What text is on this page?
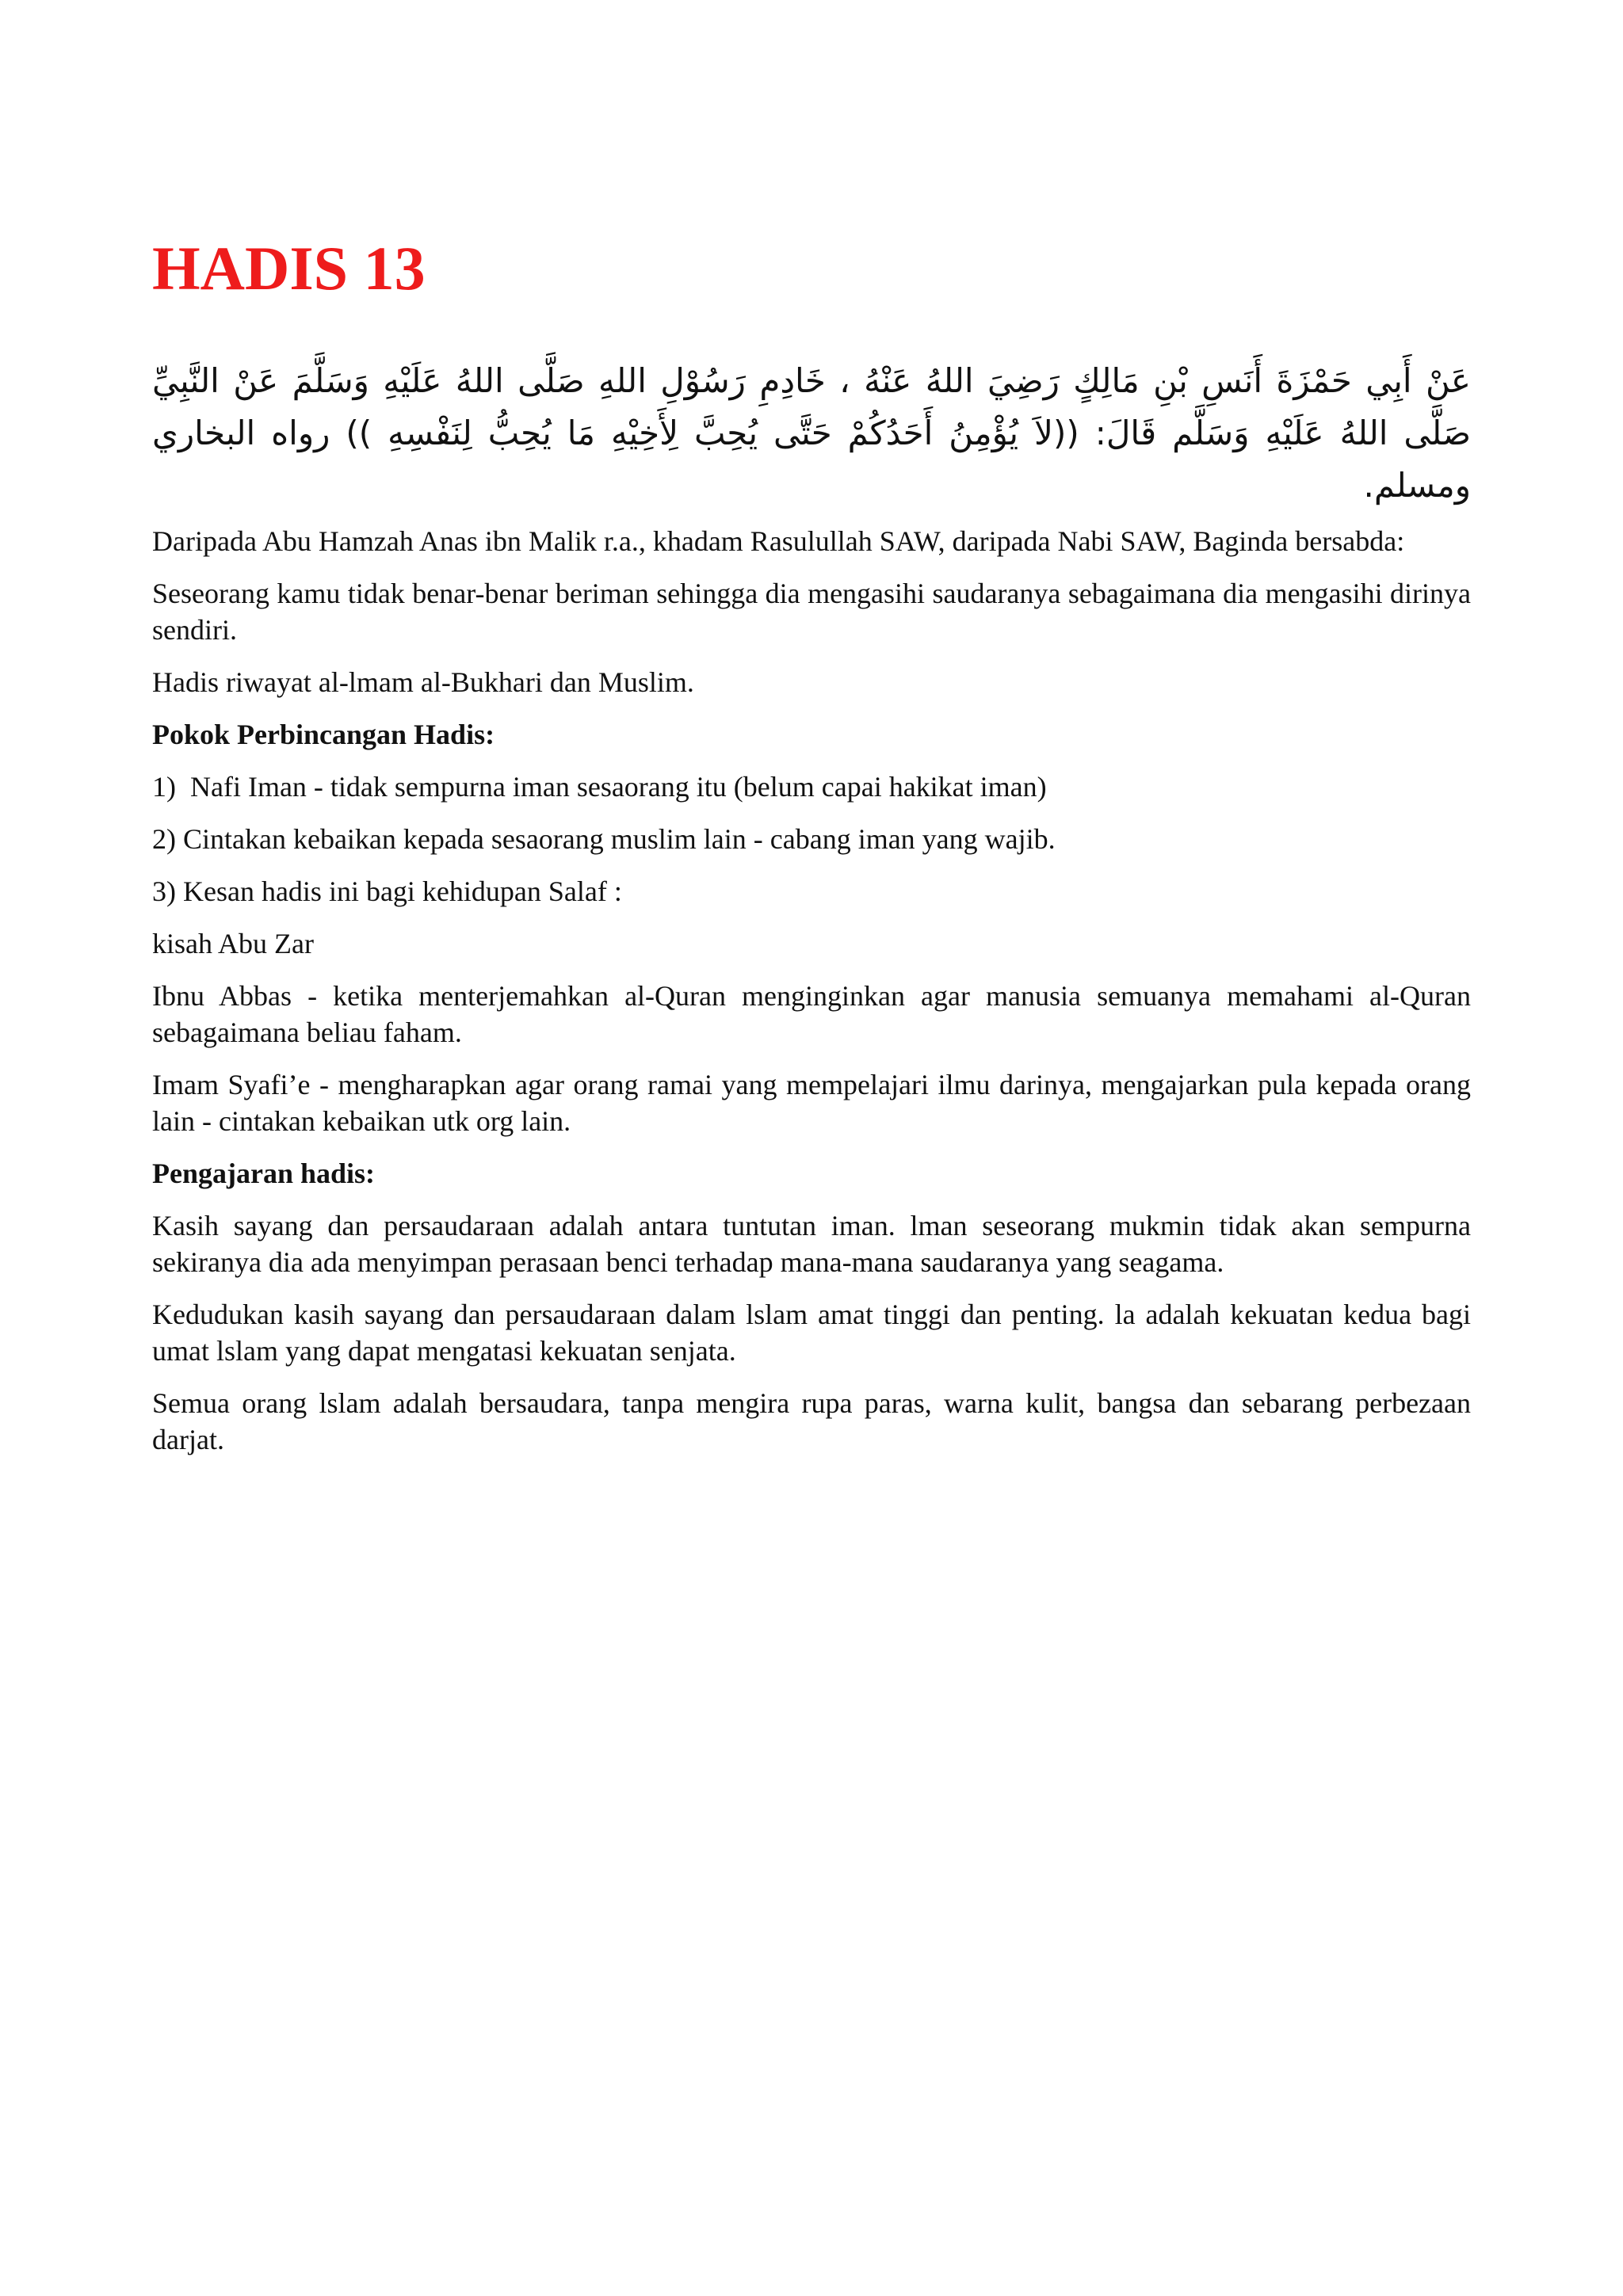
HADIS 13

عَنْ أَبِي حَمْزَةَ أَنَسِ بْنِ مَالِكٍ رَضِيَ اللهُ عَنْهُ ، خَادِمِ رَسُوْلِ اللهِ صَلَّى اللهُ عَلَيْهِ وَسَلَّمَ عَنْ النَّبِيِّ صَلَّى اللهُ عَلَيْهِ وَسَلَّم قَالَ: ((لاَ يُؤْمِنُ أَحَدُكُمْ حَتَّى يُحِبَّ لِأَخِيْهِ مَا يُحِبُّ لِنَفْسِهِ )) رواه البخاري ومسلم.

Daripada Abu Hamzah Anas ibn Malik r.a., khadam Rasulullah SAW, daripada Nabi SAW, Baginda bersabda:

Seseorang kamu tidak benar-benar beriman sehingga dia mengasihi saudaranya sebagaimana dia mengasihi dirinya sendiri.

Hadis riwayat al-lmam al-Bukhari dan Muslim.

Pokok Perbincangan Hadis:

1)  Nafi Iman - tidak sempurna iman sesaorang itu (belum capai hakikat iman)

2) Cintakan kebaikan kepada sesaorang muslim lain - cabang iman yang wajib.

3) Kesan hadis ini bagi kehidupan Salaf :

kisah Abu Zar

Ibnu Abbas - ketika menterjemahkan al-Quran menginginkan agar manusia semuanya memahami al-Quran sebagaimana beliau faham.

Imam Syafi’e - mengharapkan agar orang ramai yang mempelajari ilmu darinya, mengajarkan pula kepada orang lain - cintakan kebaikan utk org lain.

Pengajaran hadis:

Kasih sayang dan persaudaraan adalah antara tuntutan iman. lman seseorang mukmin tidak akan sempurna sekiranya dia ada menyimpan perasaan benci terhadap mana-mana saudaranya yang seagama.

Kedudukan kasih sayang dan persaudaraan dalam lslam amat tinggi dan penting. la adalah kekuatan kedua bagi umat lslam yang dapat mengatasi kekuatan senjata.

Semua orang lslam adalah bersaudara, tanpa mengira rupa paras, warna kulit, bangsa dan sebarang perbezaan darjat.
